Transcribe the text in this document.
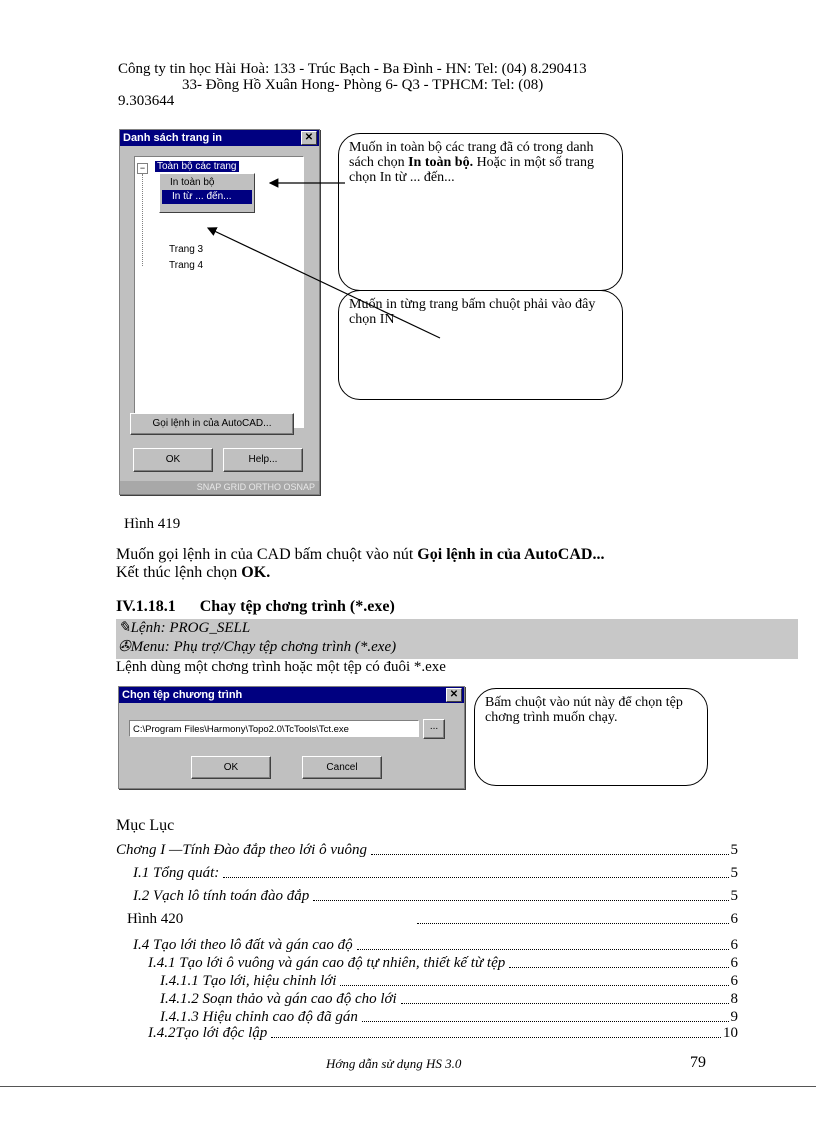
Công ty tin học Hài Hoà: 133 - Trúc Bạch - Ba Đình - HN: Tel: (04) 8.290413
33- Đồng Hồ Xuân Hong- Phòng 6- Q3 - TPHCM: Tel: (08)
9.303644
Danh sách trang in	✕
− Toàn bộ các trang
Trang 3
Trang 4
In toàn bộ
In từ ... đến...
Gọi lệnh in của AutoCAD...
OK	Help...
SNAP GRID ORTHO OSNAP
Muốn in toàn bộ các trang đã có trong danh sách chọn In toàn bộ. Hoặc in một số trang chọn In từ ... đến...
Muốn in từng trang bấm chuột phải vào đây chọn IN
Hình 419
Muốn gọi lệnh in của CAD bấm chuột vào nút Gọi lệnh in của AutoCAD...
Kết thúc lệnh chọn OK.
IV.1.18.1 Chay tệp chơng trình (*.exe)
✎Lệnh: PROG_SELL
✇Menu: Phụ trợ/Chạy tệp chơng trình (*.exe)
Lệnh dùng một chơng trình hoặc một tệp có đuôi *.exe
Chọn tệp chương trình	✕
C:\Program Files\Harmony\Topo2.0\TcTools\Tct.exe	...
OK	Cancel
Bấm chuột vào nút này để chọn tệp chơng trình muốn chạy.
Mục Lục
Chơng I —Tính Đào đắp theo lới ô vuông	5
I.1 Tổng quát:	5
I.2 Vạch lô tính toán đào đắp	5
Hình 420	6
I.4 Tạo lới theo lô đất và gán cao độ	6
I.4.1 Tạo lới ô vuông và gán cao độ tự nhiên, thiết kế từ tệp	6
I.4.1.1 Tạo lới, hiệu chỉnh lới	6
I.4.1.2 Soạn thảo và gán cao độ cho lới	8
I.4.1.3 Hiệu chỉnh cao độ đã gán	9
I.4.2Tạo lới độc lập	10
Hớng dẫn sử dụng HS 3.0	79
